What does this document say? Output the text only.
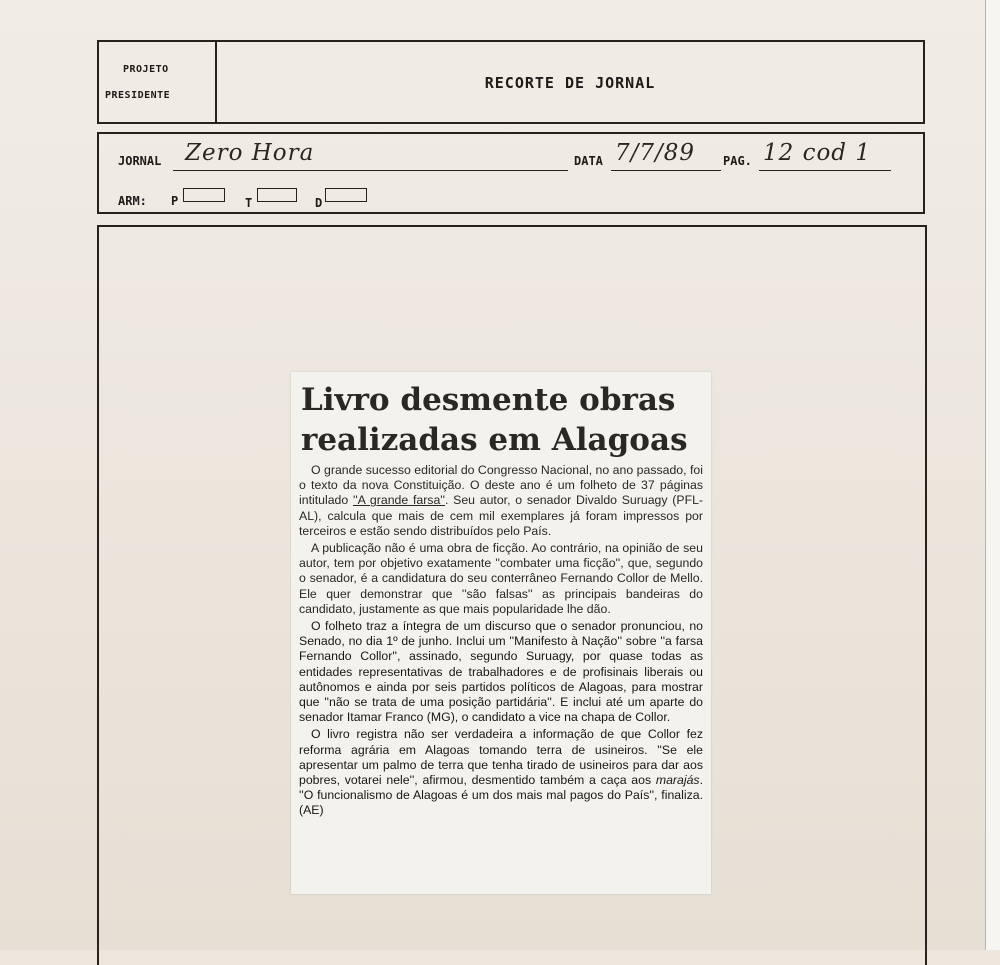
PROJETO
PRESIDENTE
RECORTE DE JORNAL
JORNAL Zero Hora	DATA 7/7/89 PAG. 12 cod 1
ARM: P	T	D

Livro desmente obras
realizadas em Alagoas

O grande sucesso editorial do Congresso Nacional, no ano passado, foi o texto da nova Constituição. O deste ano é um folheto de 37 páginas intitulado ''A grande farsa''. Seu autor, o senador Divaldo Suruagy (PFL-AL), calcula que mais de cem mil exemplares já foram impressos por terceiros e estão sendo distribuídos pelo País.

A publicação não é uma obra de ficção. Ao contrário, na opinião de seu autor, tem por objetivo exatamente ''combater uma ficção'', que, segundo o senador, é a candidatura do seu conterrâneo Fernando Collor de Mello. Ele quer demonstrar que ''são falsas'' as principais bandeiras do candidato, justamente as que mais popularidade lhe dão.

O folheto traz a íntegra de um discurso que o senador pronunciou, no Senado, no dia 1º de junho. Inclui um ''Manifesto à Nação'' sobre ''a farsa Fernando Collor'', assinado, segundo Suruagy, por quase todas as entidades representativas de trabalhadores e de profisinais liberais ou autônomos e ainda por seis partidos políticos de Alagoas, para mostrar que ''não se trata de uma posição partidária''. E inclui até um aparte do senador Itamar Franco (MG), o candidato a vice na chapa de Collor.

O livro registra não ser verdadeira a informação de que Collor fez reforma agrária em Alagoas tomando terra de usineiros. ''Se ele apresentar um palmo de terra que tenha tirado de usineiros para dar aos pobres, votarei nele'', afirmou, desmentido também a caça aos marajás. ''O funcionalismo de Alagoas é um dos mais mal pagos do País'', finaliza. (AE)
